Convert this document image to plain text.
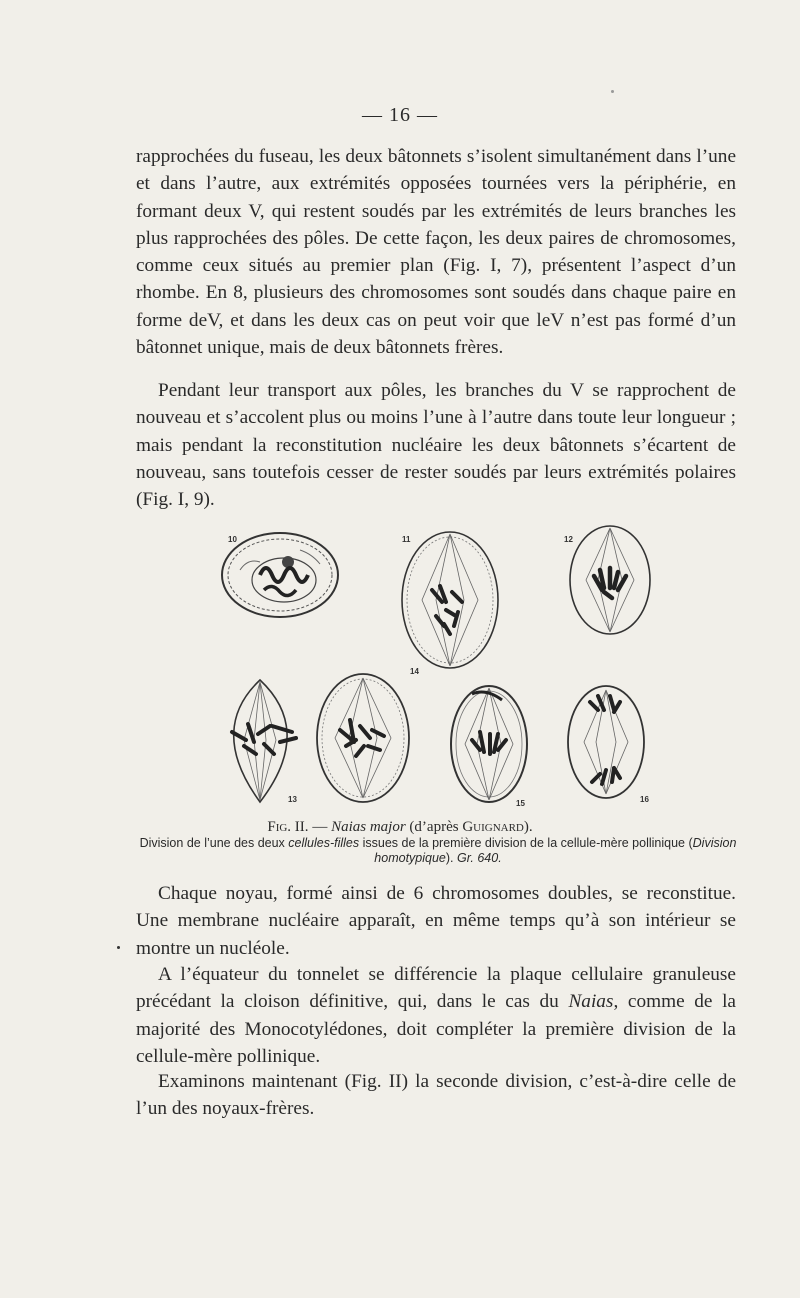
— 16 —

rapprochées du fuseau, les deux bâtonnets s’isolent simultanément dans l’une et dans l’autre, aux extrémités opposées tournées vers la périphérie, en formant deux V, qui restent soudés par les extrémités de leurs branches les plus rapprochées des pôles. De cette façon, les deux paires de chromosomes, comme ceux situés au premier plan (Fig. I, 7), présentent l’aspect d’un rhombe. En 8, plusieurs des chromosomes sont soudés dans chaque paire en forme deV, et dans les deux cas on peut voir que leV n’est pas formé d’un bâtonnet unique, mais de deux bâtonnets frères.

Pendant leur transport aux pôles, les branches du V se rapprochent de nouveau et s’accolent plus ou moins l’une à l’autre dans toute leur longueur ; mais pendant la reconstitution nucléaire les deux bâtonnets s’écartent de nouveau, sans toutefois cesser de rester soudés par leurs extrémités polaires (Fig. I, 9).

10	11	12
13
14
15	16
Fig. II. — Naias major (d’après Guignard).
Division de l’une des deux cellules-filles issues de la première division de la cellule-mère pollinique (Division homotypique). Gr. 640.

Chaque noyau, formé ainsi de 6 chromosomes doubles, se reconstitue. Une membrane nucléaire apparaît, en même temps qu’à son intérieur se montre un nucléole.

A l’équateur du tonnelet se différencie la plaque cellulaire granuleuse précédant la cloison définitive, qui, dans le cas du Naias, comme de la majorité des Monocotylédones, doit compléter la première division de la cellule-mère pollinique.

Examinons maintenant (Fig. II) la seconde division, c’est-à-dire celle de l’un des noyaux-frères.
